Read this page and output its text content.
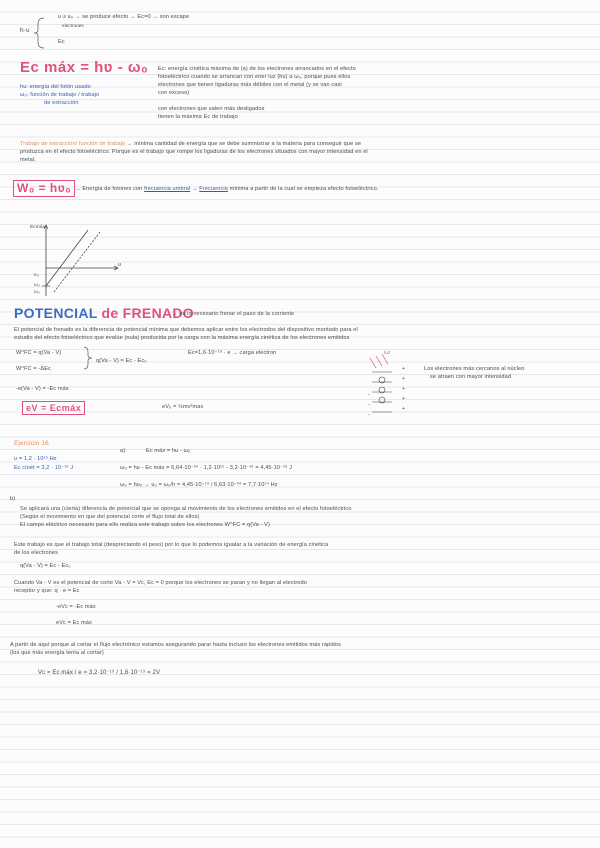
h·ʋ
ʋ ≥ ʋ₀ → se produce efecto → Ec=0 → son escape
electrones
Ec
Ec máx = hʋ - ω₀ Ec: energía cinética máxima de (a) de los electrones arrancados en el efecto
fotoeléctrico cuando se arrancan con ener luz (hʋ) a ω₀, porque pues ellos
electrones que tienen ligaduras más débiles con el metal (y se van casi
con exceso)
con electrones que salen más desligados
tienen la máxima Ec de trabajo
hʋ: energía del fotón usado
ω₀: función de trabajo / trabajo
de extracción
Trabajo de extracción/ función de trabajo → mínima cantidad de energía que se debe suministrar a la materia para conseguir que se
produzca en él efecto fotoeléctrico. Porque es el trabajo que rompe los ligaduras de los electrones situados con mayor intensidad en el
metal.
W₀ = hʋ₀ → Energía de fotones con frecuencia umbral → Frecuencia mínima a partir de la cual se empieza efecto fotoeléctrico.
Ecmáx
ʋ
ʋ₀
ω₀
ω₀
POTENCIAL de FRENADO
→ es lo necesario frenar el paso de la corriente
El potencial de frenado es la diferencia de potencial mínima que debemos aplicar entre los electrodos del dispositivo montado para el
estudio del efecto fotoeléctrico que evalúe (nula) producida por la carga con la máxima energía cinética de los electrones emitidos
W^FC = q(Va - V)
W^FC = -ΔEc
q(Va - V) = Ec - Ec₀
Ec=1,6·10⁻¹⁹ · e → carga electron
-e(Va - V) = -Ec máx
eV = Ecmáx	eV₀ = ½mv²max
-
-
-
+
+
+
+
+
luz
Los electrones más cercanos al núcleo
se atraen con mayor intensidad
Ejercicio 16
ʋ = 1,2 · 10¹⁵ Hz
Ec cinét = 3,2 · 10⁻¹⁹ J
a)	Ec máx = hʋ - ω₀
ω₀ = hʋ - Ec máx = 6,64·10⁻³⁴ · 1,2·10¹⁵ - 3,2·10⁻¹⁹ = 4,45·10⁻¹⁹ J
ω₀ = hʋ₀ → ʋ₀ = ω₀/h = 4,45·10⁻¹⁹ / 6,63·10⁻³⁴ = 7,7·10¹⁴ Hz
b)
Se aplicará una (cierta) diferencia de potencial que se oponga al movimiento de los electrones emitidos en el efecto fotoeléctrico
(Según el movimiento en que del potencial corte el flujo total de ellos)
El campo eléctrico necesario para ello realiza este trabajo sobre los electrones W^FC = q(Va - V)
Este trabajo es que el trabajo total (despreciando el peso) por lo que lo podemos igualar a la variación de energía cinética
de los electrones
q(Va - V) = Ec - Ec₀
Cuando Va - V es el potencial de corte Va - V = Vc, Ec = 0 porque los electrones se paran y no llegan al electrodo
receptor y que: q · e = Ec
-eVc = -Ec máx
eVc = Ec máx
A partir de aquí porque al cortar el flujo electrónico estamos asegurando parar hasta incluso los electrones emitidos más rápidos
(los que más energía tenía al cortar)
Vc = Ec máx / e = 3,2·10⁻¹⁹ / 1,6·10⁻¹⁹ = 2V
